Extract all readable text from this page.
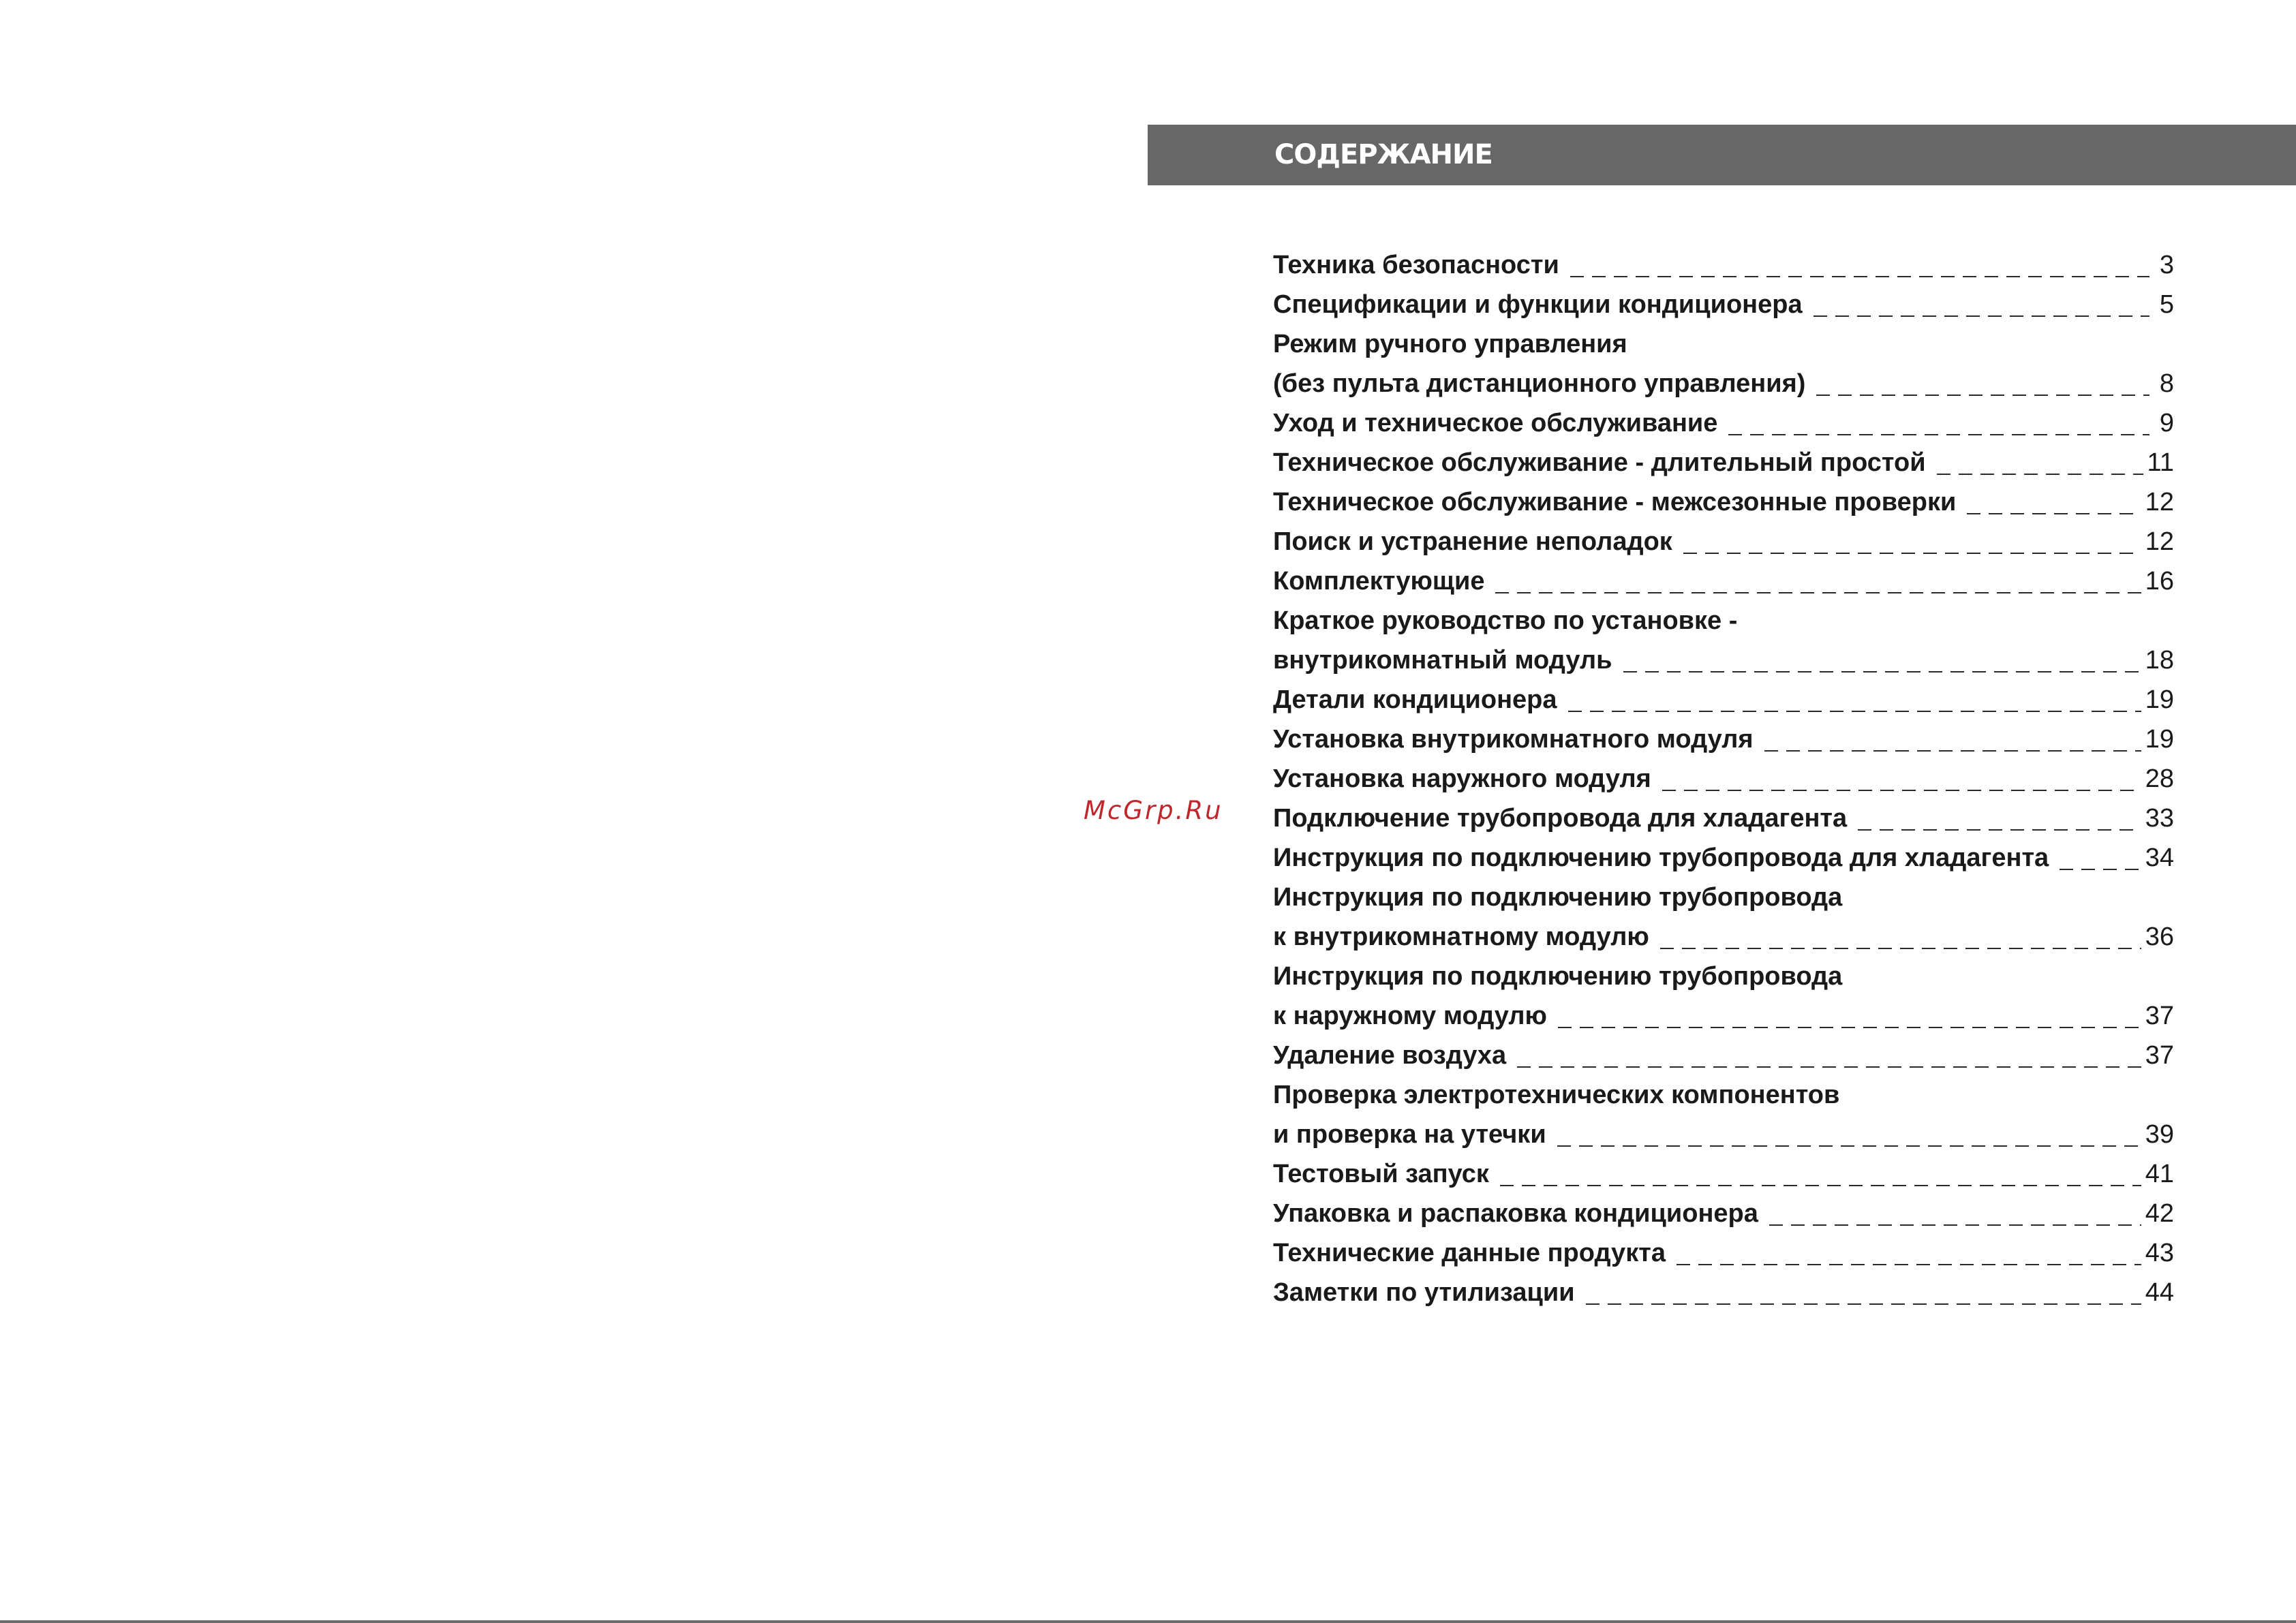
СОДЕРЖАНИЕ
McGrp.Ru
Техника безопасности	3
Спецификации и функции кондиционера	5
Режим ручного управления
(без пульта дистанционного управления)	8
Уход и техническое обслуживание	9
Техническое обслуживание - длительный простой	11
Техническое обслуживание - межсезонные проверки	12
Поиск и устранение неполадок	12
Комплектующие	16
Краткое руководство по установке -
внутрикомнатный модуль	18
Детали кондиционера	19
Установка внутрикомнатного модуля	19
Установка наружного модуля	28
Подключение трубопровода для хладагента	33
Инструкция по подключению трубопровода для хладагента	34
Инструкция по подключению трубопровода
к внутрикомнатному модулю	36
Инструкция по подключению трубопровода
к наружному модулю	37
Удаление воздуха	37
Проверка электротехнических компонентов
и проверка на утечки	39
Тестовый запуск	41
Упаковка и распаковка кондиционера	42
Технические данные продукта	43
Заметки по утилизации	44
